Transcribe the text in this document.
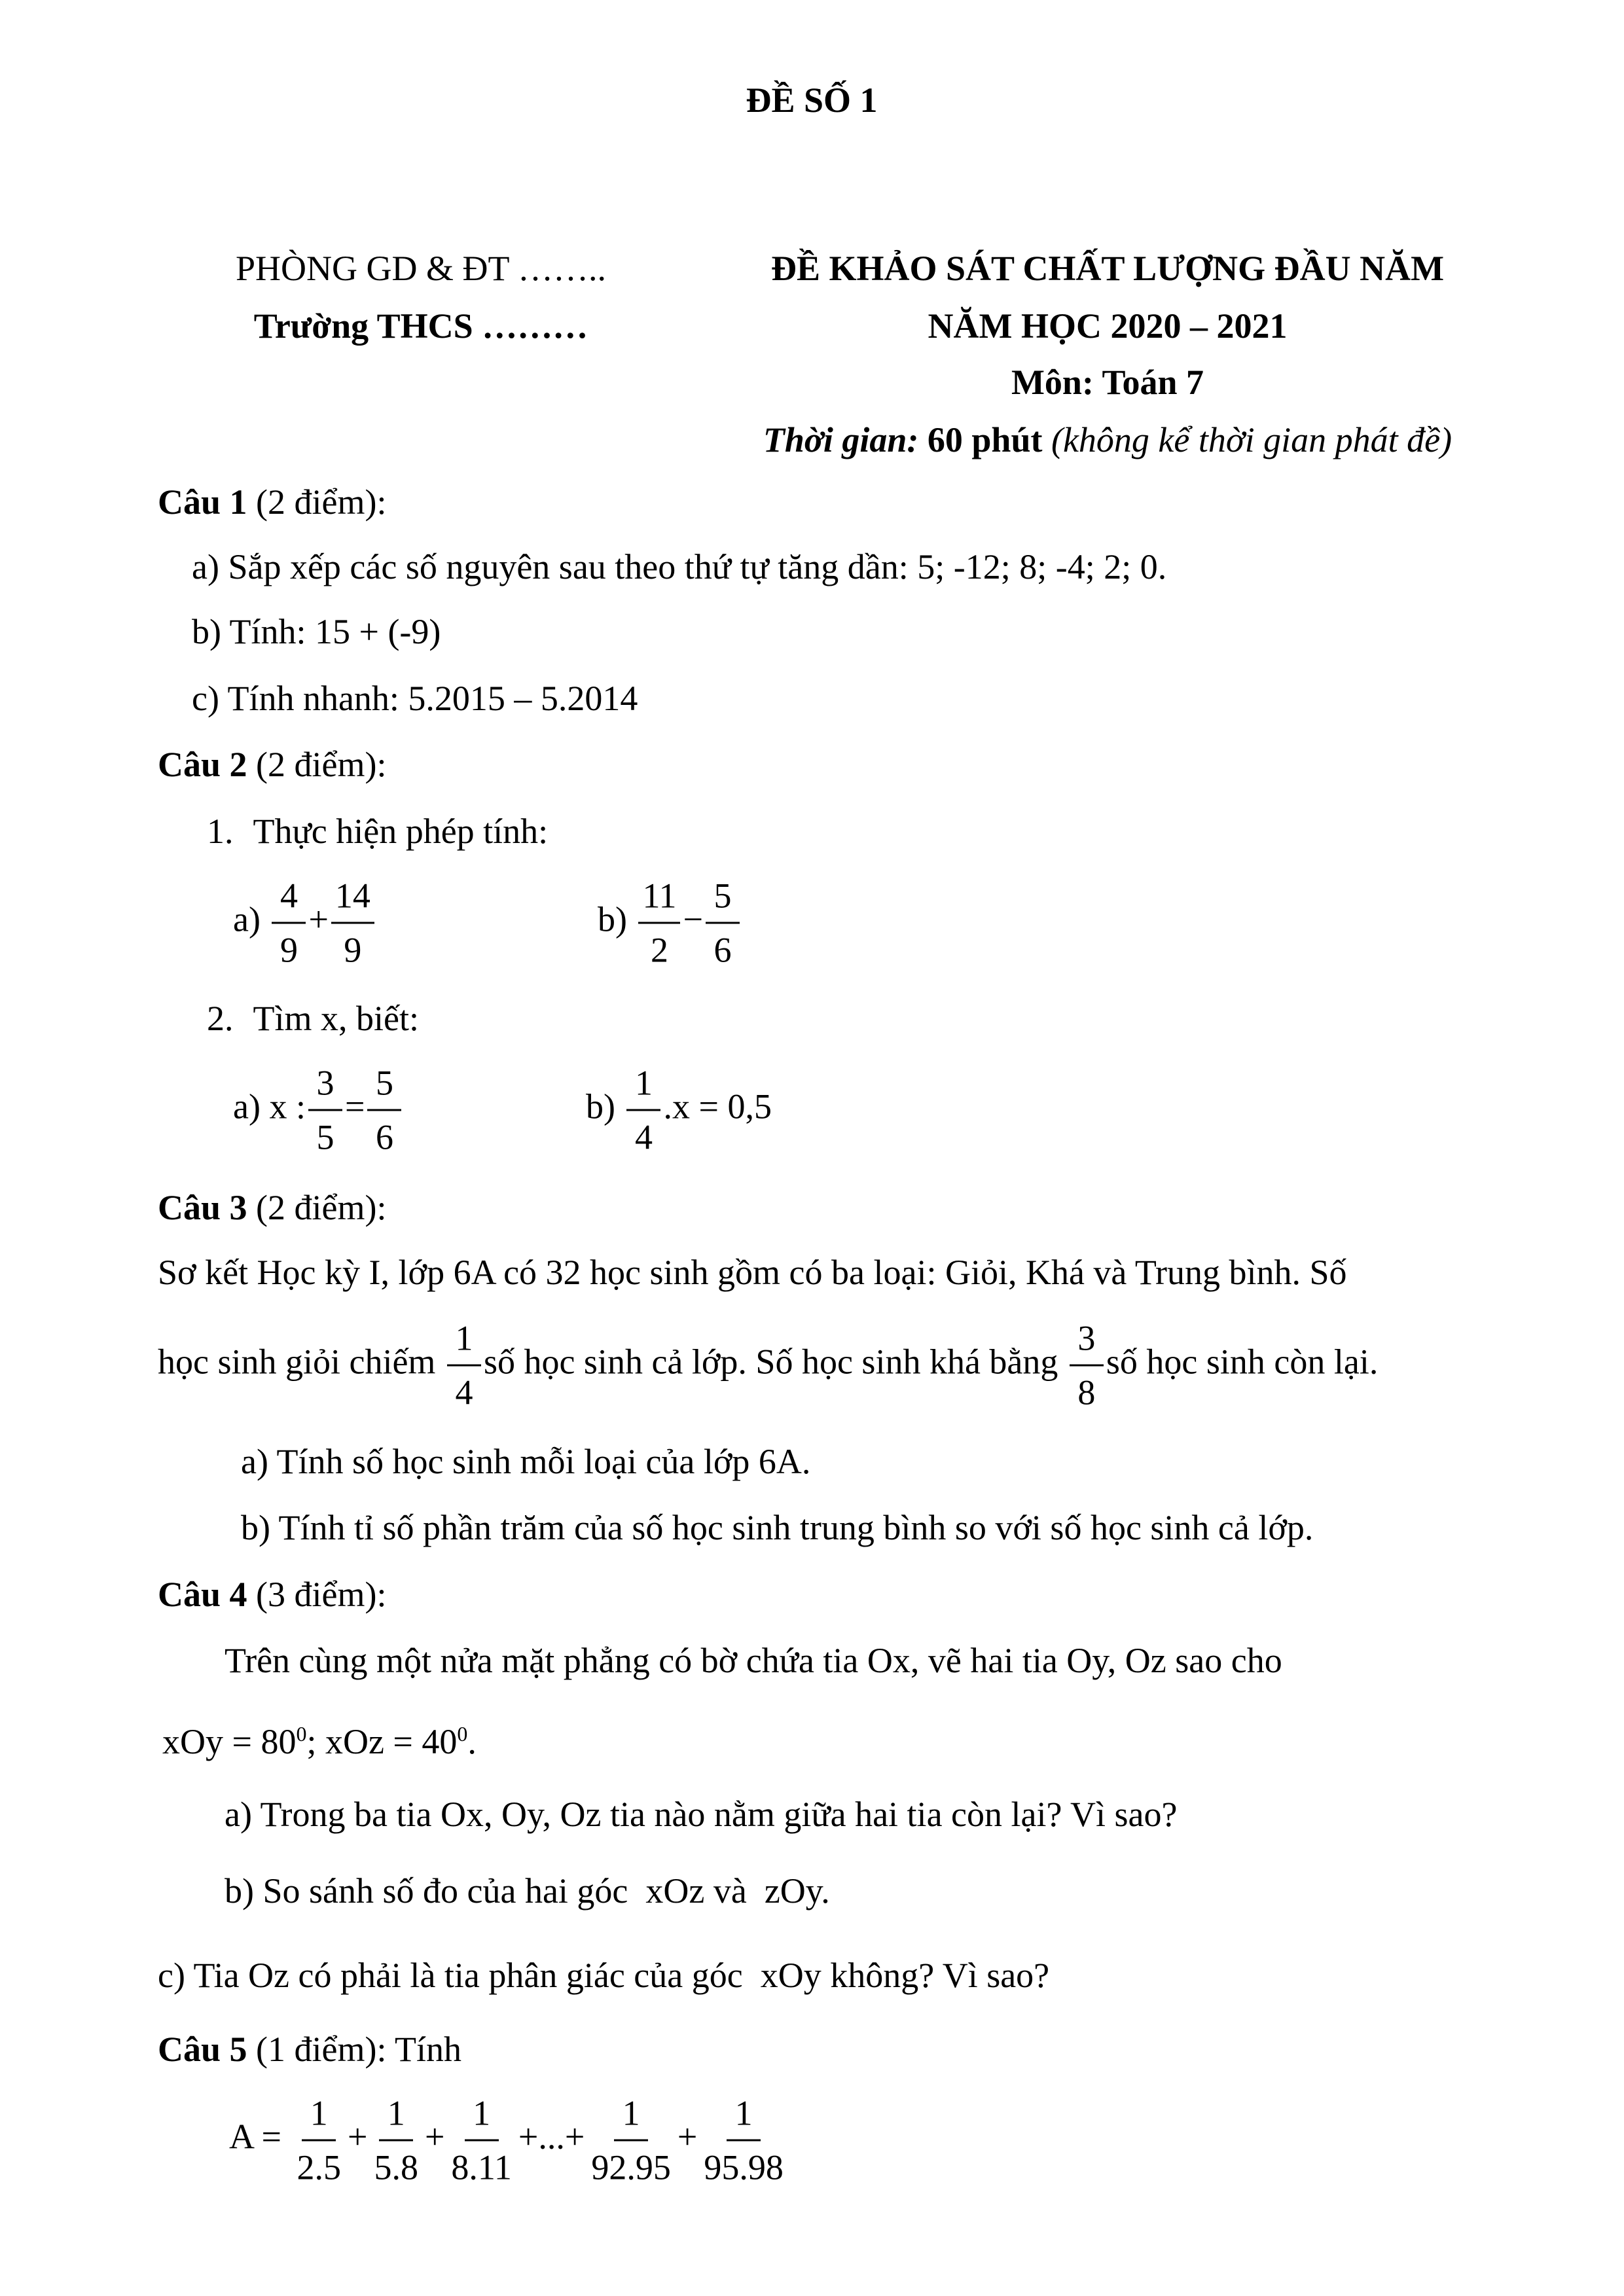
ĐỀ SỐ 1
PHÒNG GD & ĐT ……..
Trường THCS ………
ĐỀ KHẢO SÁT CHẤT LƯỢNG ĐẦU NĂM
NĂM HỌC 2020 – 2021
Môn: Toán 7
Thời gian: 60 phút (không kể thời gian phát đề)
Câu 1 (2 điểm):
a) Sắp xếp các số nguyên sau theo thứ tự tăng dần: 5; -12; 8; -4; 2; 0.
b) Tính: 15 + (-9)
c) Tính nhanh: 5.2015 – 5.2014
Câu 2 (2 điểm):
1. Thực hiện phép tính:
$a) \frac{4}{9} + \frac{14}{9}$	$b) \frac{11}{2} - \frac{5}{6}$
2. Tìm x, biết:
a) x : $\frac{3}{5} = \frac{5}{6}$	$b) \frac{1}{4} .x = 0,5$
Câu 3 (2 điểm):
Sơ kết Học kỳ I, lớp 6A có 32 học sinh gồm có ba loại: Giỏi, Khá và Trung bình. Số
học sinh giỏi chiếm $\frac{1}{4}$ số học sinh cả lớp. Số học sinh khá bằng $\frac{3}{8}$ số học sinh còn lại.
a) Tính số học sinh mỗi loại của lớp 6A.
b) Tính tỉ số phần trăm của số học sinh trung bình so với số học sinh cả lớp.
Câu 4 (3 điểm):
Trên cùng một nửa mặt phẳng có bờ chứa tia Ox, vẽ hai tia Oy, Oz sao cho
xOy = $80^0$; xOz = $40^0$.
a) Trong ba tia Ox, Oy, Oz tia nào nằm giữa hai tia còn lại? Vì sao?
b) So sánh số đo của hai góc xOz và zOy.
c) Tia Oz có phải là tia phân giác của góc xOy không? Vì sao?
Câu 5 (1 điểm): Tính
$A = \frac{1}{2.5} + \frac{1}{5.8} + \frac{1}{8.11}$ +...+ $\frac{1}{92.95} + \frac{1}{95.98}$
